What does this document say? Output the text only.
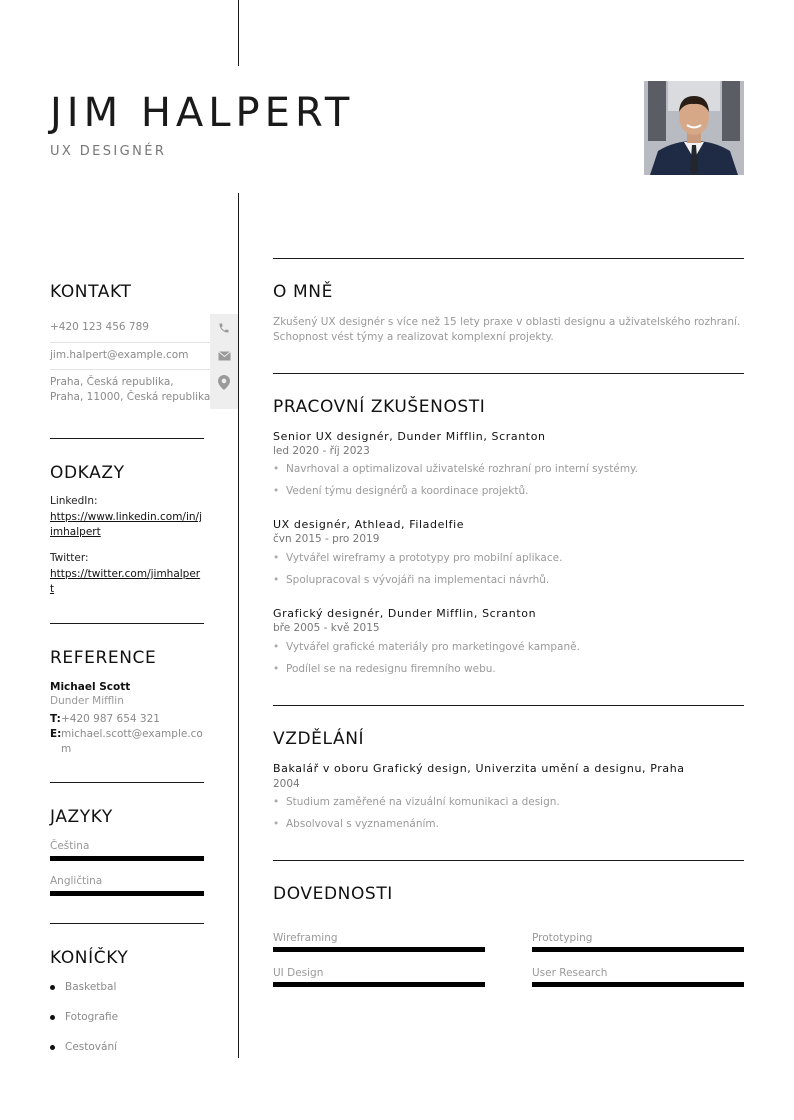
JIM HALPERT
UX DESIGNÉR
KONTAKT
+420 123 456 789
jim.halpert@example.com
Praha, Česká republika,
Praha, 11000, Česká republika
ODKAZY
LinkedIn:
https://www.linkedin.com/in/jimhalpert
Twitter:
https://twitter.com/jimhalpert
REFERENCE
Michael Scott
Dunder Mifflin
T: +420 987 654 321
E: michael.scott@example.com
JAZYKY
Čeština
Angličtina
KONÍČKY
Basketbal
Fotografie
Cestování
O MNĚ
Zkušený UX designér s více než 15 lety praxe v oblasti designu a uživatelského rozhraní. Schopnost vést týmy a realizovat komplexní projekty.
PRACOVNÍ ZKUŠENOSTI
Senior UX designér, Dunder Mifflin, Scranton
led 2020 - říj 2023
• Navrhoval a optimalizoval uživatelské rozhraní pro interní systémy.
• Vedení týmu designérů a koordinace projektů.
UX designér, Athlead, Filadelfie
čvn 2015 - pro 2019
• Vytvářel wireframy a prototypy pro mobilní aplikace.
• Spolupracoval s vývojáři na implementaci návrhů.
Grafický designér, Dunder Mifflin, Scranton
bře 2005 - kvě 2015
• Vytvářel grafické materiály pro marketingové kampaně.
• Podílel se na redesignu firemního webu.
VZDĚLÁNÍ
Bakalář v oboru Grafický design, Univerzita umění a designu, Praha
2004
• Studium zaměřené na vizuální komunikaci a design.
• Absolvoval s vyznamenáním.
DOVEDNOSTI
Wireframing	Prototyping
UI Design	User Research
